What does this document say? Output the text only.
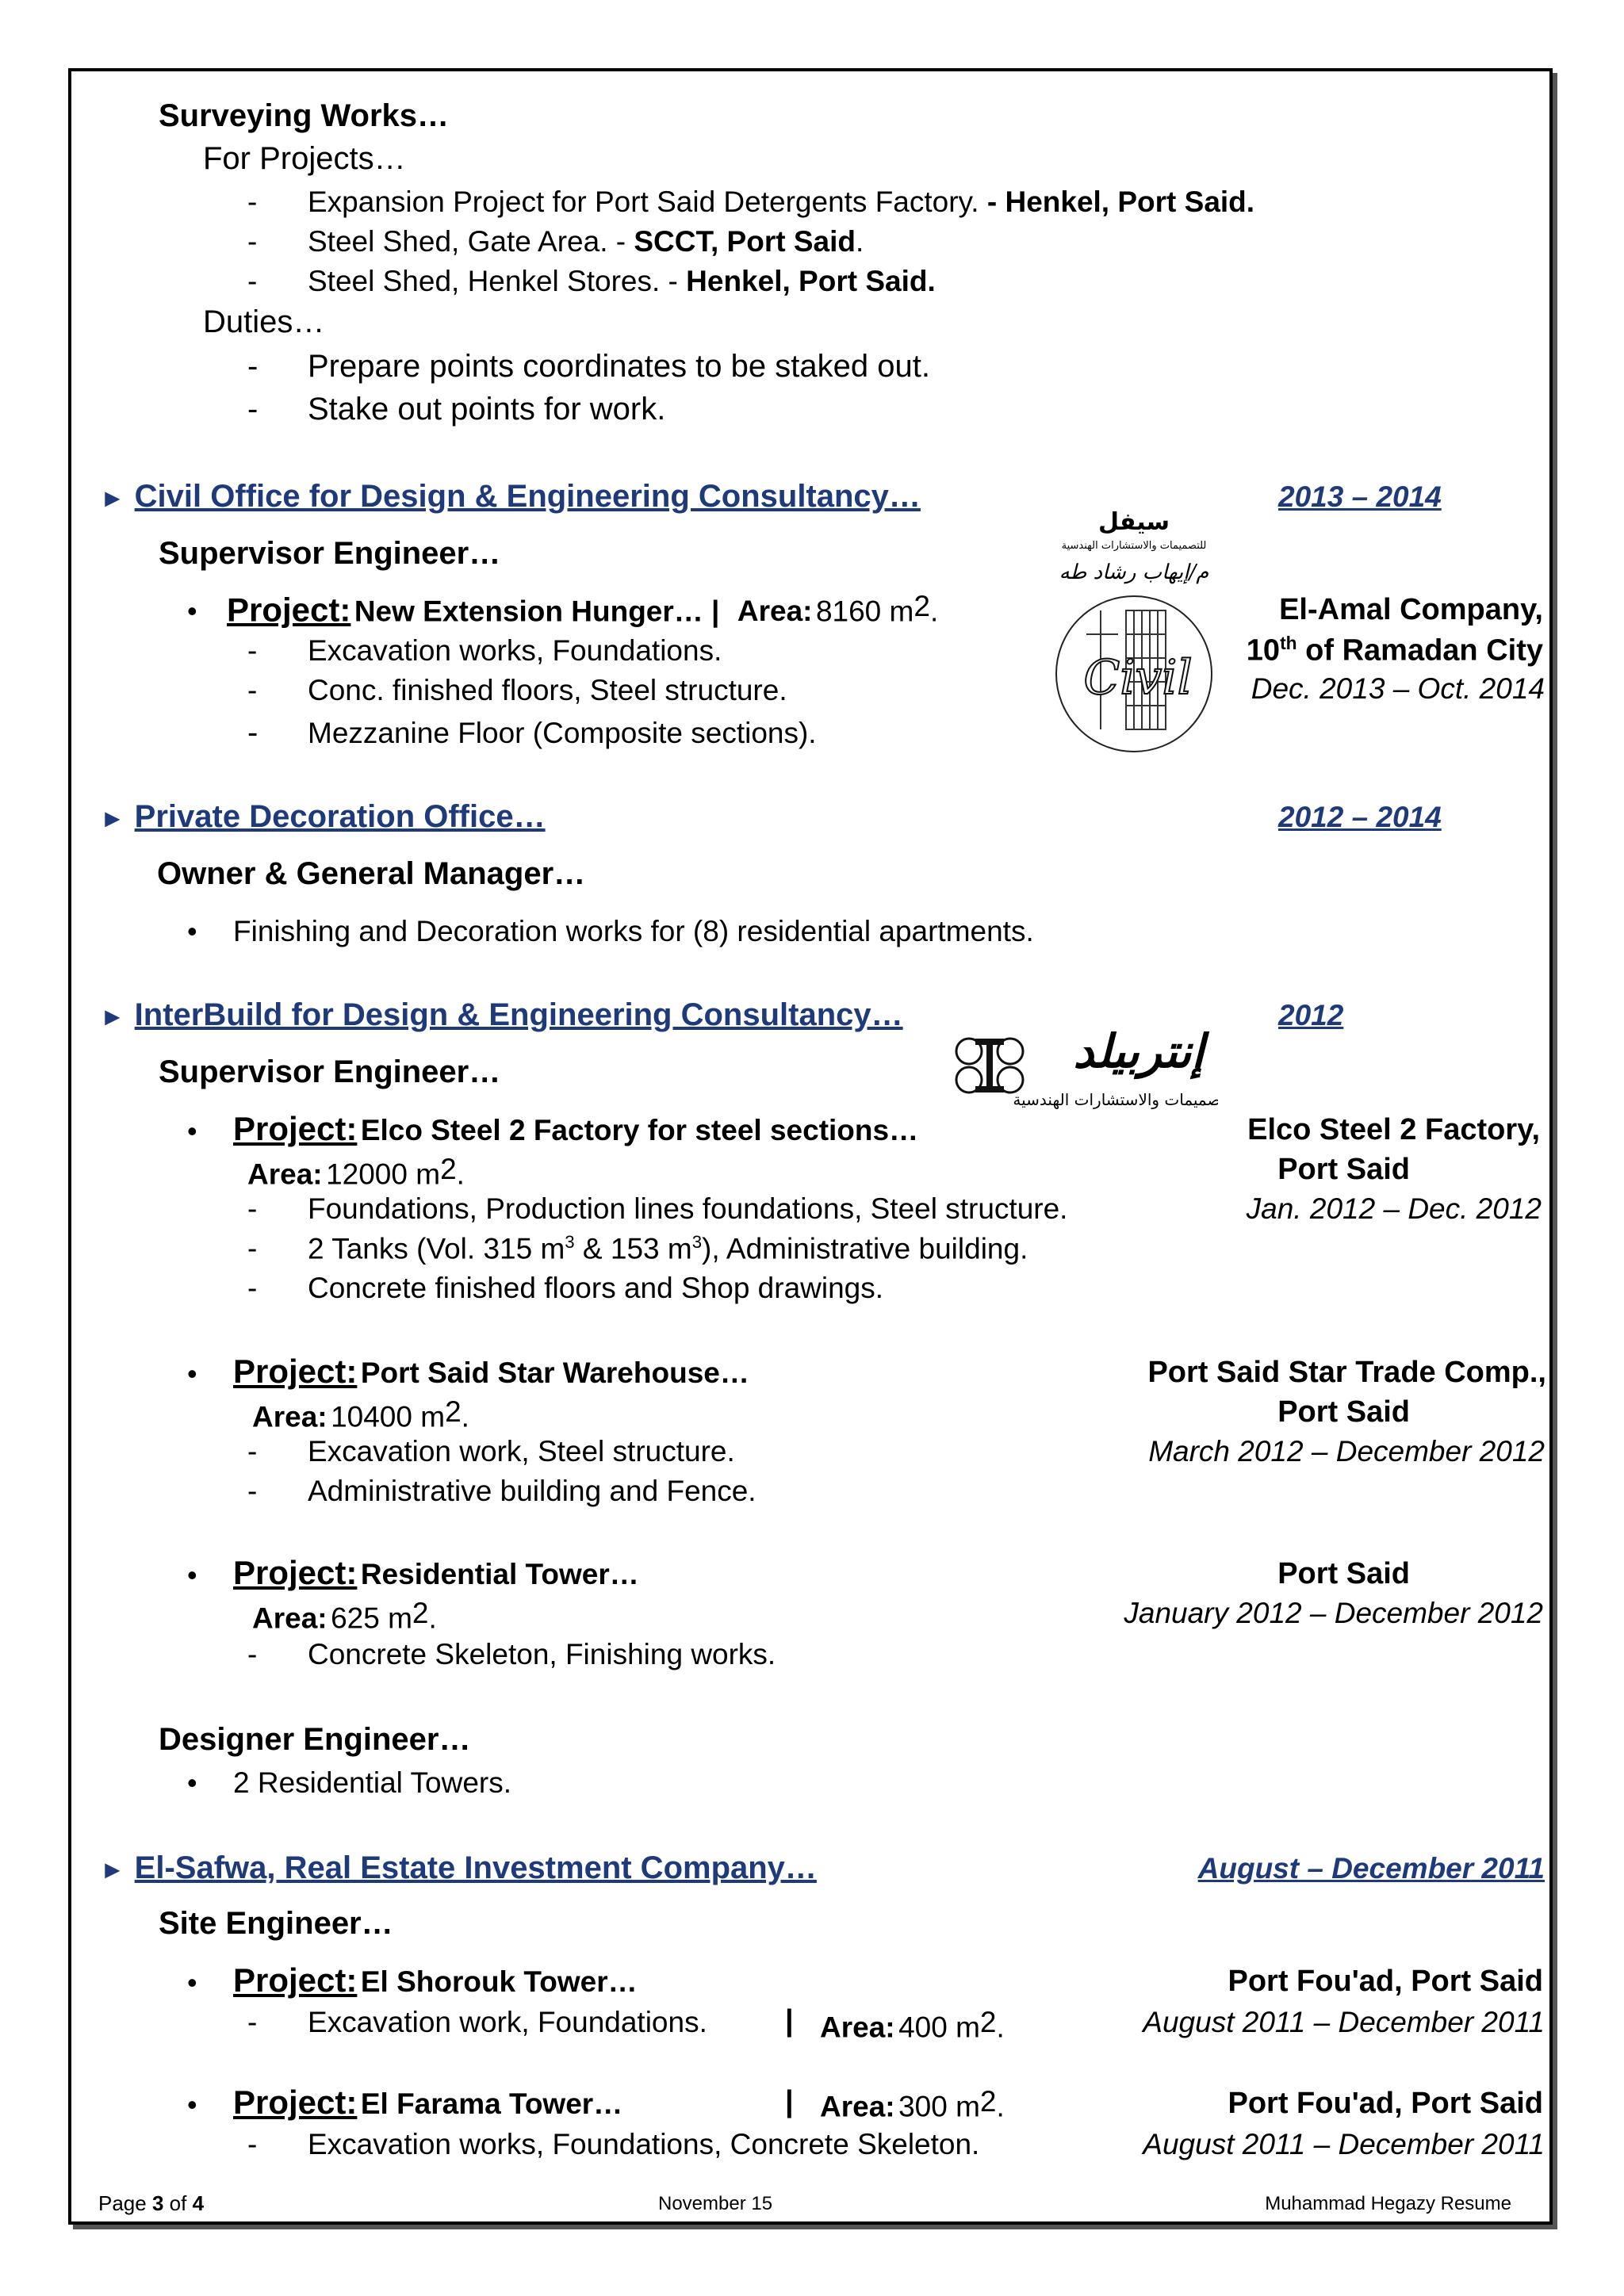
Surveying Works…
For Projects…
- Expansion Project for Port Said Detergents Factory. - Henkel, Port Said.
- Steel Shed, Gate Area. - SCCT, Port Said.
- Steel Shed, Henkel Stores. - Henkel, Port Said.
Duties…
- Prepare points coordinates to be staked out.
- Stake out points for work.
► Civil Office for Design & Engineering Consultancy…	2013 – 2014
Supervisor Engineer…
• Project: New Extension Hunger… | Area: 8160 $m^2$.	El-Amal Company,
10th of Ramadan City
Dec. 2013 – Oct. 2014
- Excavation works, Foundations.
- Conc. finished floors, Steel structure.
- Mezzanine Floor (Composite sections).
سيفل
للتصميمات والاستشارات الهندسية
م/إيهاب رشاد طه
Civil
► Private Decoration Office…	2012 – 2014
Owner & General Manager…
• Finishing and Decoration works for (8) residential apartments.
► InterBuild for Design & Engineering Consultancy…	2012
إنتربيلد
للتصميمات والاستشارات الهندسية
Supervisor Engineer…
• Project: Elco Steel 2 Factory for steel sections…	Elco Steel 2 Factory,
Area: 12000 $m^2$.	Port Said
- Foundations, Production lines foundations, Steel structure.	Jan. 2012 – Dec. 2012
- 2 Tanks (Vol. 315 $m^3$ & 153 $m^3$), Administrative building.
- Concrete finished floors and Shop drawings.
• Project: Port Said Star Warehouse…	Port Said Star Trade Comp.,
Area: 10400 $m^2$.	Port Said
- Excavation work, Steel structure.	March 2012 – December 2012
- Administrative building and Fence.
• Project: Residential Tower…	Port Said
Area: 625 $m^2$.	January 2012 – December 2012
- Concrete Skeleton, Finishing works.
Designer Engineer…
• 2 Residential Towers.
► El-Safwa, Real Estate Investment Company…	August – December 2011
Site Engineer…
• Project: El Shorouk Tower…	Port Fou'ad, Port Said
- Excavation work, Foundations.	| Area: 400 $m^2$.	August 2011 – December 2011
• Project: El Farama Tower…	| Area: 300 $m^2$.	Port Fou'ad, Port Said
- Excavation works, Foundations, Concrete Skeleton.	August 2011 – December 2011
Page 3 of 4	November 15	Muhammad Hegazy Resume
